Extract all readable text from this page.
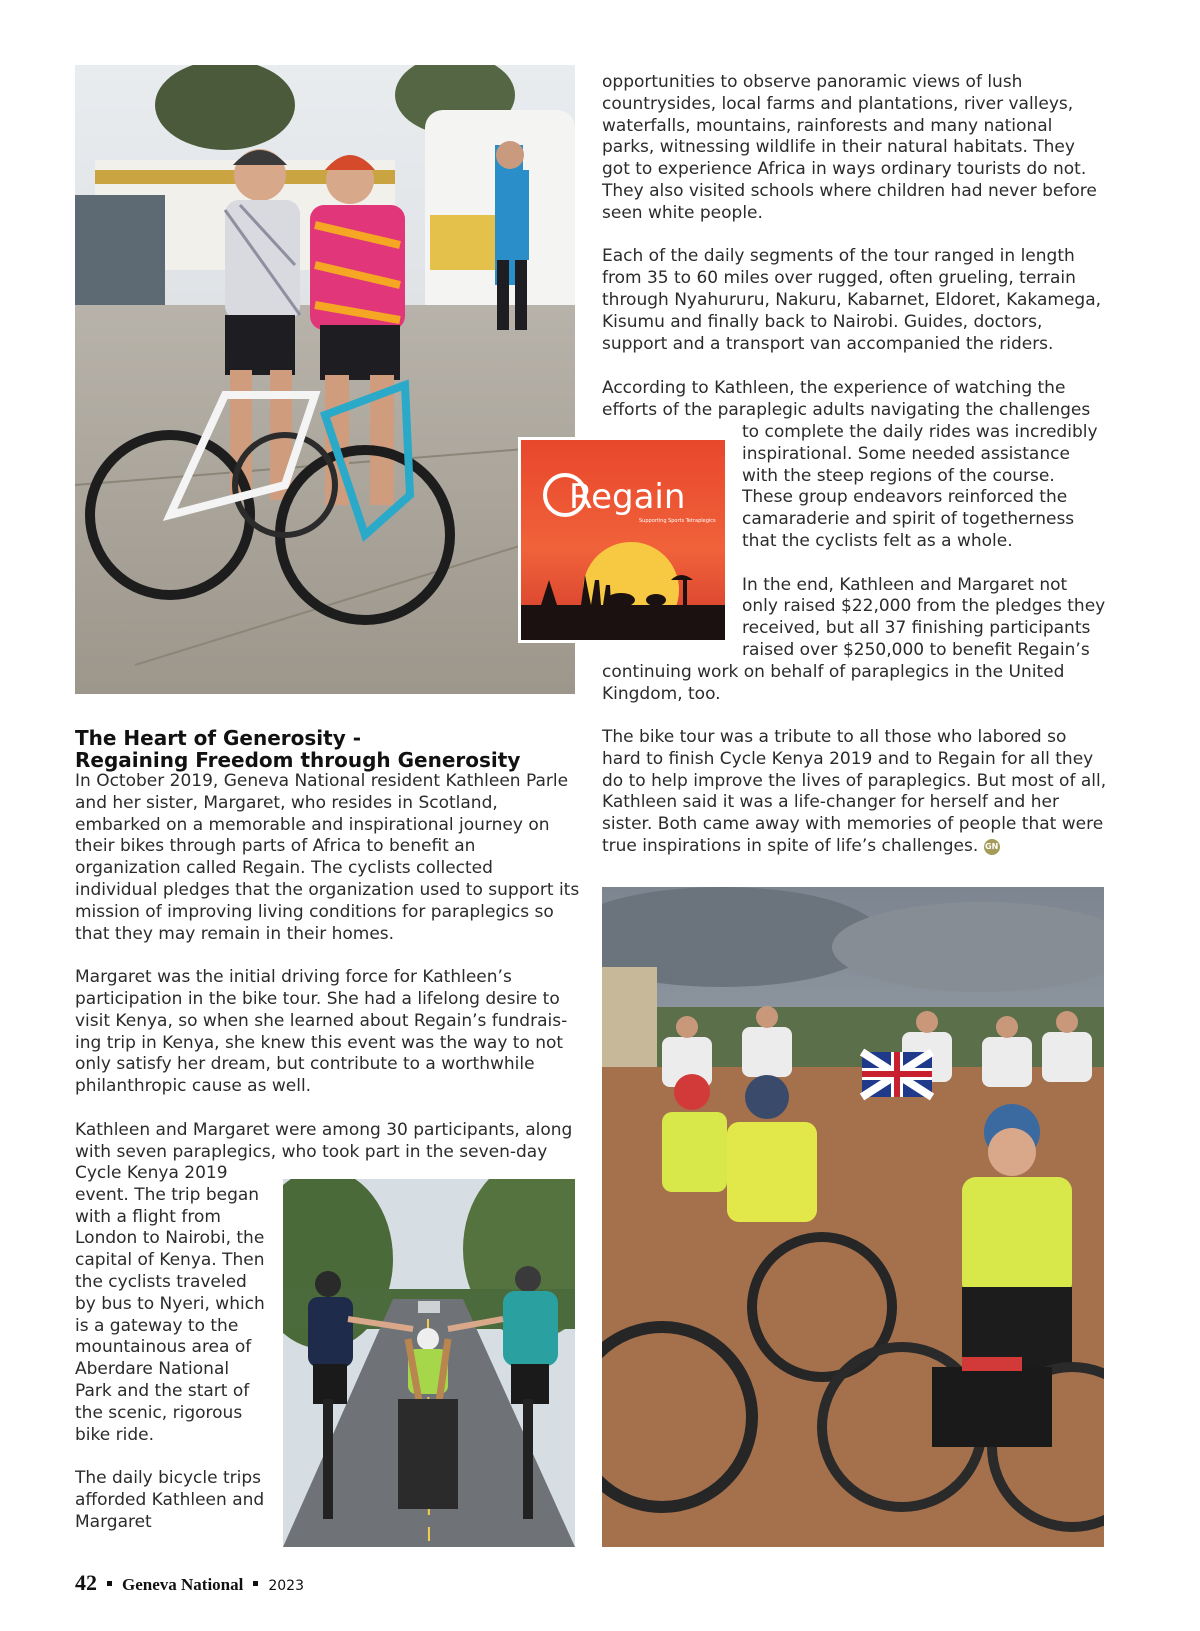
Regain
Supporting Sports Tetraplegics

opportunities to observe panoramic views of lush countrysides, local farms and plantations, river valleys, waterfalls, mountains, rainforests and many national parks, witnessing wildlife in their natural habitats. They got to experience Africa in ways ordinary tourists do not. They also visited schools where children had never before seen white people.

Each of the daily segments of the tour ranged in length from 35 to 60 miles over rugged, often grueling, terrain through Nyahururu, Nakuru, Kabarnet, Eldoret, Kakamega, Kisumu and finally back to Nairobi. Guides, doctors, support and a transport van accompanied the riders.

According to Kathleen, the experience of watching the efforts of the paraplegic adults navigating the challenges

to complete the daily rides was incredibly inspirational. Some needed assistance with the steep regions of the course. These group endeavors reinforced the camaraderie and spirit of togetherness that the cyclists felt as a whole.

In the end, Kathleen and Margaret not only raised $22,000 from the pledges they received, but all 37 finishing participants raised over $250,000 to benefit Regain’s

continuing work on behalf of paraplegics in the United Kingdom, too.

The bike tour was a tribute to all those who labored so hard to finish Cycle Kenya 2019 and to Regain for all they do to help improve the lives of paraplegics. But most of all, Kathleen said it was a life-changer for herself and her sister. Both came away with memories of people that were true inspirations in spite of life’s challenges. GN

The Heart of Generosity -
Regaining Freedom through Generosity

In October 2019, Geneva National resident Kathleen Parle and her sister, Margaret, who resides in Scotland, embarked on a memorable and inspirational journey on their bikes through parts of Africa to benefit an organization called Regain. The cyclists collected individual pledges that the organization used to support its mission of improving living conditions for paraplegics so that they may remain in their homes.

Margaret was the initial driving force for Kathleen’s participation in the bike tour. She had a lifelong desire to visit Kenya, so when she learned about Regain’s fundrais-ing trip in Kenya, she knew this event was the way to not only satisfy her dream, but contribute to a worthwhile philanthropic cause as well.

Kathleen and Margaret were among 30 participants, along with seven paraplegics, who took part in the seven-day

Cycle Kenya 2019 event. The trip began with a flight from London to Nairobi, the capital of Kenya. Then the cyclists traveled by bus to Nyeri, which is a gateway to the mountainous area of Aberdare National Park and the start of the scenic, rigorous bike ride.

The daily bicycle trips afforded Kathleen and Margaret

42 Geneva National 2023
